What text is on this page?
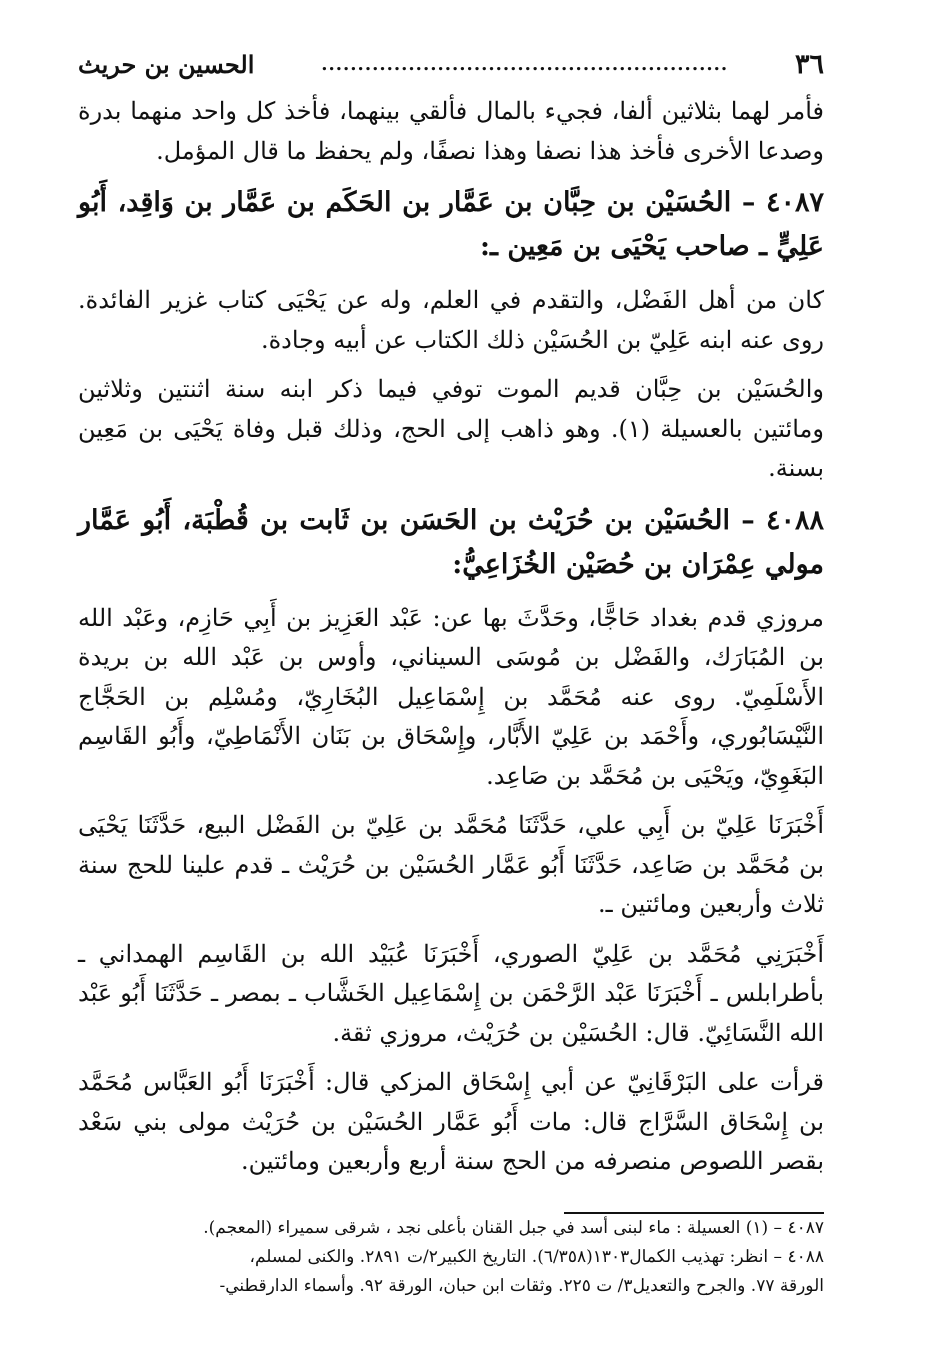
٣٦
........................................................
الحسين بن حريث

فأمر لهما بثلاثين ألفا، فجيء بالمال فألقي بينهما، فأخذ كل واحد منهما بدرة وصدعا الأخرى فأخذ هذا نصفا وهذا نصفًا، ولم يحفظ ما قال المؤمل.

٤٠٨٧ – الحُسَيْن بن حِبَّان بن عَمَّار بن الحَكَم بن عَمَّار بن وَاقِد، أَبُو عَلِيٍّ ـ صاحب يَحْيَى بن مَعِين ـ:

كان من أهل الفَضْل، والتقدم في العلم، وله عن يَحْيَى كتاب غزير الفائدة. روى عنه ابنه عَلِيّ بن الحُسَيْن ذلك الكتاب عن أبيه وجادة.

والحُسَيْن بن حِبَّان قديم الموت توفي فيما ذكر ابنه سنة اثنتين وثلاثين ومائتين بالعسيلة (١). وهو ذاهب إلى الحج، وذلك قبل وفاة يَحْيَى بن مَعِين بسنة.

٤٠٨٨ – الحُسَيْن بن حُرَيْث بن الحَسَن بن ثَابت بن قُطْبَة، أَبُو عَمَّار مولي عِمْرَان بن حُصَيْن الخُزَاعِيُّ:

مروزي قدم بغداد حَاجًّا، وحَدَّثَ بها عن: عَبْد العَزِيز بن أَبِي حَازِم، وعَبْد الله بن المُبَارَك، والفَضْل بن مُوسَى السيناني، وأوس بن عَبْد الله بن بريدة الأَسْلَمِيّ. روى عنه مُحَمَّد بن إِسْمَاعِيل البُخَارِيّ، ومُسْلِم بن الحَجَّاج النَّيْسَابُوري، وأَحْمَد بن عَلِيّ الأَبَّار، وإِسْحَاق بن بَنَان الأَنْمَاطِيّ، وأَبُو القَاسِم البَغَوِيّ، ويَحْيَى بن مُحَمَّد بن صَاعِد.

أَخْبَرَنَا عَلِيّ بن أَبِي علي، حَدَّثَنَا مُحَمَّد بن عَلِيّ بن الفَضْل البيع، حَدَّثَنَا يَحْيَى بن مُحَمَّد بن صَاعِد، حَدَّثَنَا أَبُو عَمَّار الحُسَيْن بن حُرَيْث ـ قدم علينا للحج سنة ثلاث وأربعين ومائتين ـ.

أَخْبَرَنِي مُحَمَّد بن عَلِيّ الصوري، أَخْبَرَنَا عُبَيْد الله بن القَاسِم الهمداني ـ بأطرابلس ـ أَخْبَرَنَا عَبْد الرَّحْمَن بن إِسْمَاعِيل الخَشَّاب ـ بمصر ـ حَدَّثَنَا أَبُو عَبْد الله النَّسَائِيّ. قال: الحُسَيْن بن حُرَيْث، مروزي ثقة.

قرأت على البَرْقَانِيّ عن أبي إِسْحَاق المزكي قال: أَخْبَرَنَا أَبُو العَبَّاس مُحَمَّد بن إِسْحَاق السَّرَّاج قال: مات أَبُو عَمَّار الحُسَيْن بن حُرَيْث مولى بني سَعْد بقصر اللصوص منصرفه من الحج سنة أربع وأربعين ومائتين.

٤٠٨٧ – (١) العسيلة : ماء لبنى أسد في جبل القنان بأعلى نجد ، شرقى سميراء (المعجم).
٤٠٨٨ – انظر: تهذيب الكمال١٣٠٣(٦/٣٥٨). التاريخ الكبير٢/ت ٢٨٩١. والكنى لمسلم،
الورقة ٧٧. والجرح والتعديل٣/ ت ٢٢٥. وثقات ابن حبان، الورقة ٩٢. وأسماء الدارقطني-
